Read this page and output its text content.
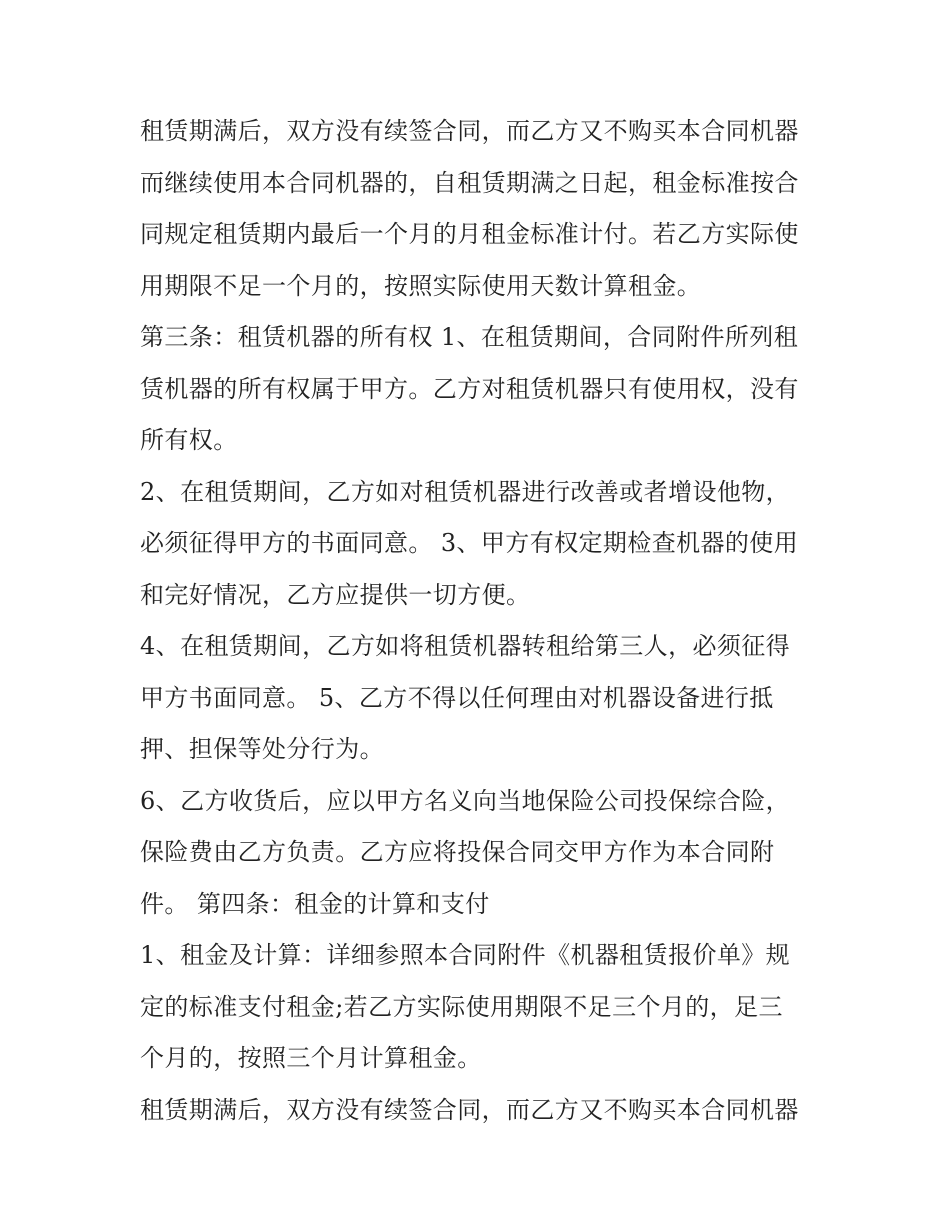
租赁期满后，双方没有续签合同，而乙方又不购买本合同机器
而继续使用本合同机器的，自租赁期满之日起，租金标准按合
同规定租赁期内最后一个月的月租金标准计付。若乙方实际使
用期限不足一个月的，按照实际使用天数计算租金。
第三条：租赁机器的所有权 1、在租赁期间，合同附件所列租
赁机器的所有权属于甲方。乙方对租赁机器只有使用权，没有
所有权。
2、在租赁期间，乙方如对租赁机器进行改善或者增设他物，
必须征得甲方的书面同意。 3、甲方有权定期检查机器的使用
和完好情况，乙方应提供一切方便。
4、在租赁期间，乙方如将租赁机器转租给第三人，必须征得
甲方书面同意。 5、乙方不得以任何理由对机器设备进行抵
押、担保等处分行为。
6、乙方收货后，应以甲方名义向当地保险公司投保综合险，
保险费由乙方负责。乙方应将投保合同交甲方作为本合同附
件。 第四条：租金的计算和支付
1、租金及计算：详细参照本合同附件《机器租赁报价单》规
定的标准支付租金;若乙方实际使用期限不足三个月的，足三
个月的，按照三个月计算租金。
租赁期满后，双方没有续签合同，而乙方又不购买本合同机器
